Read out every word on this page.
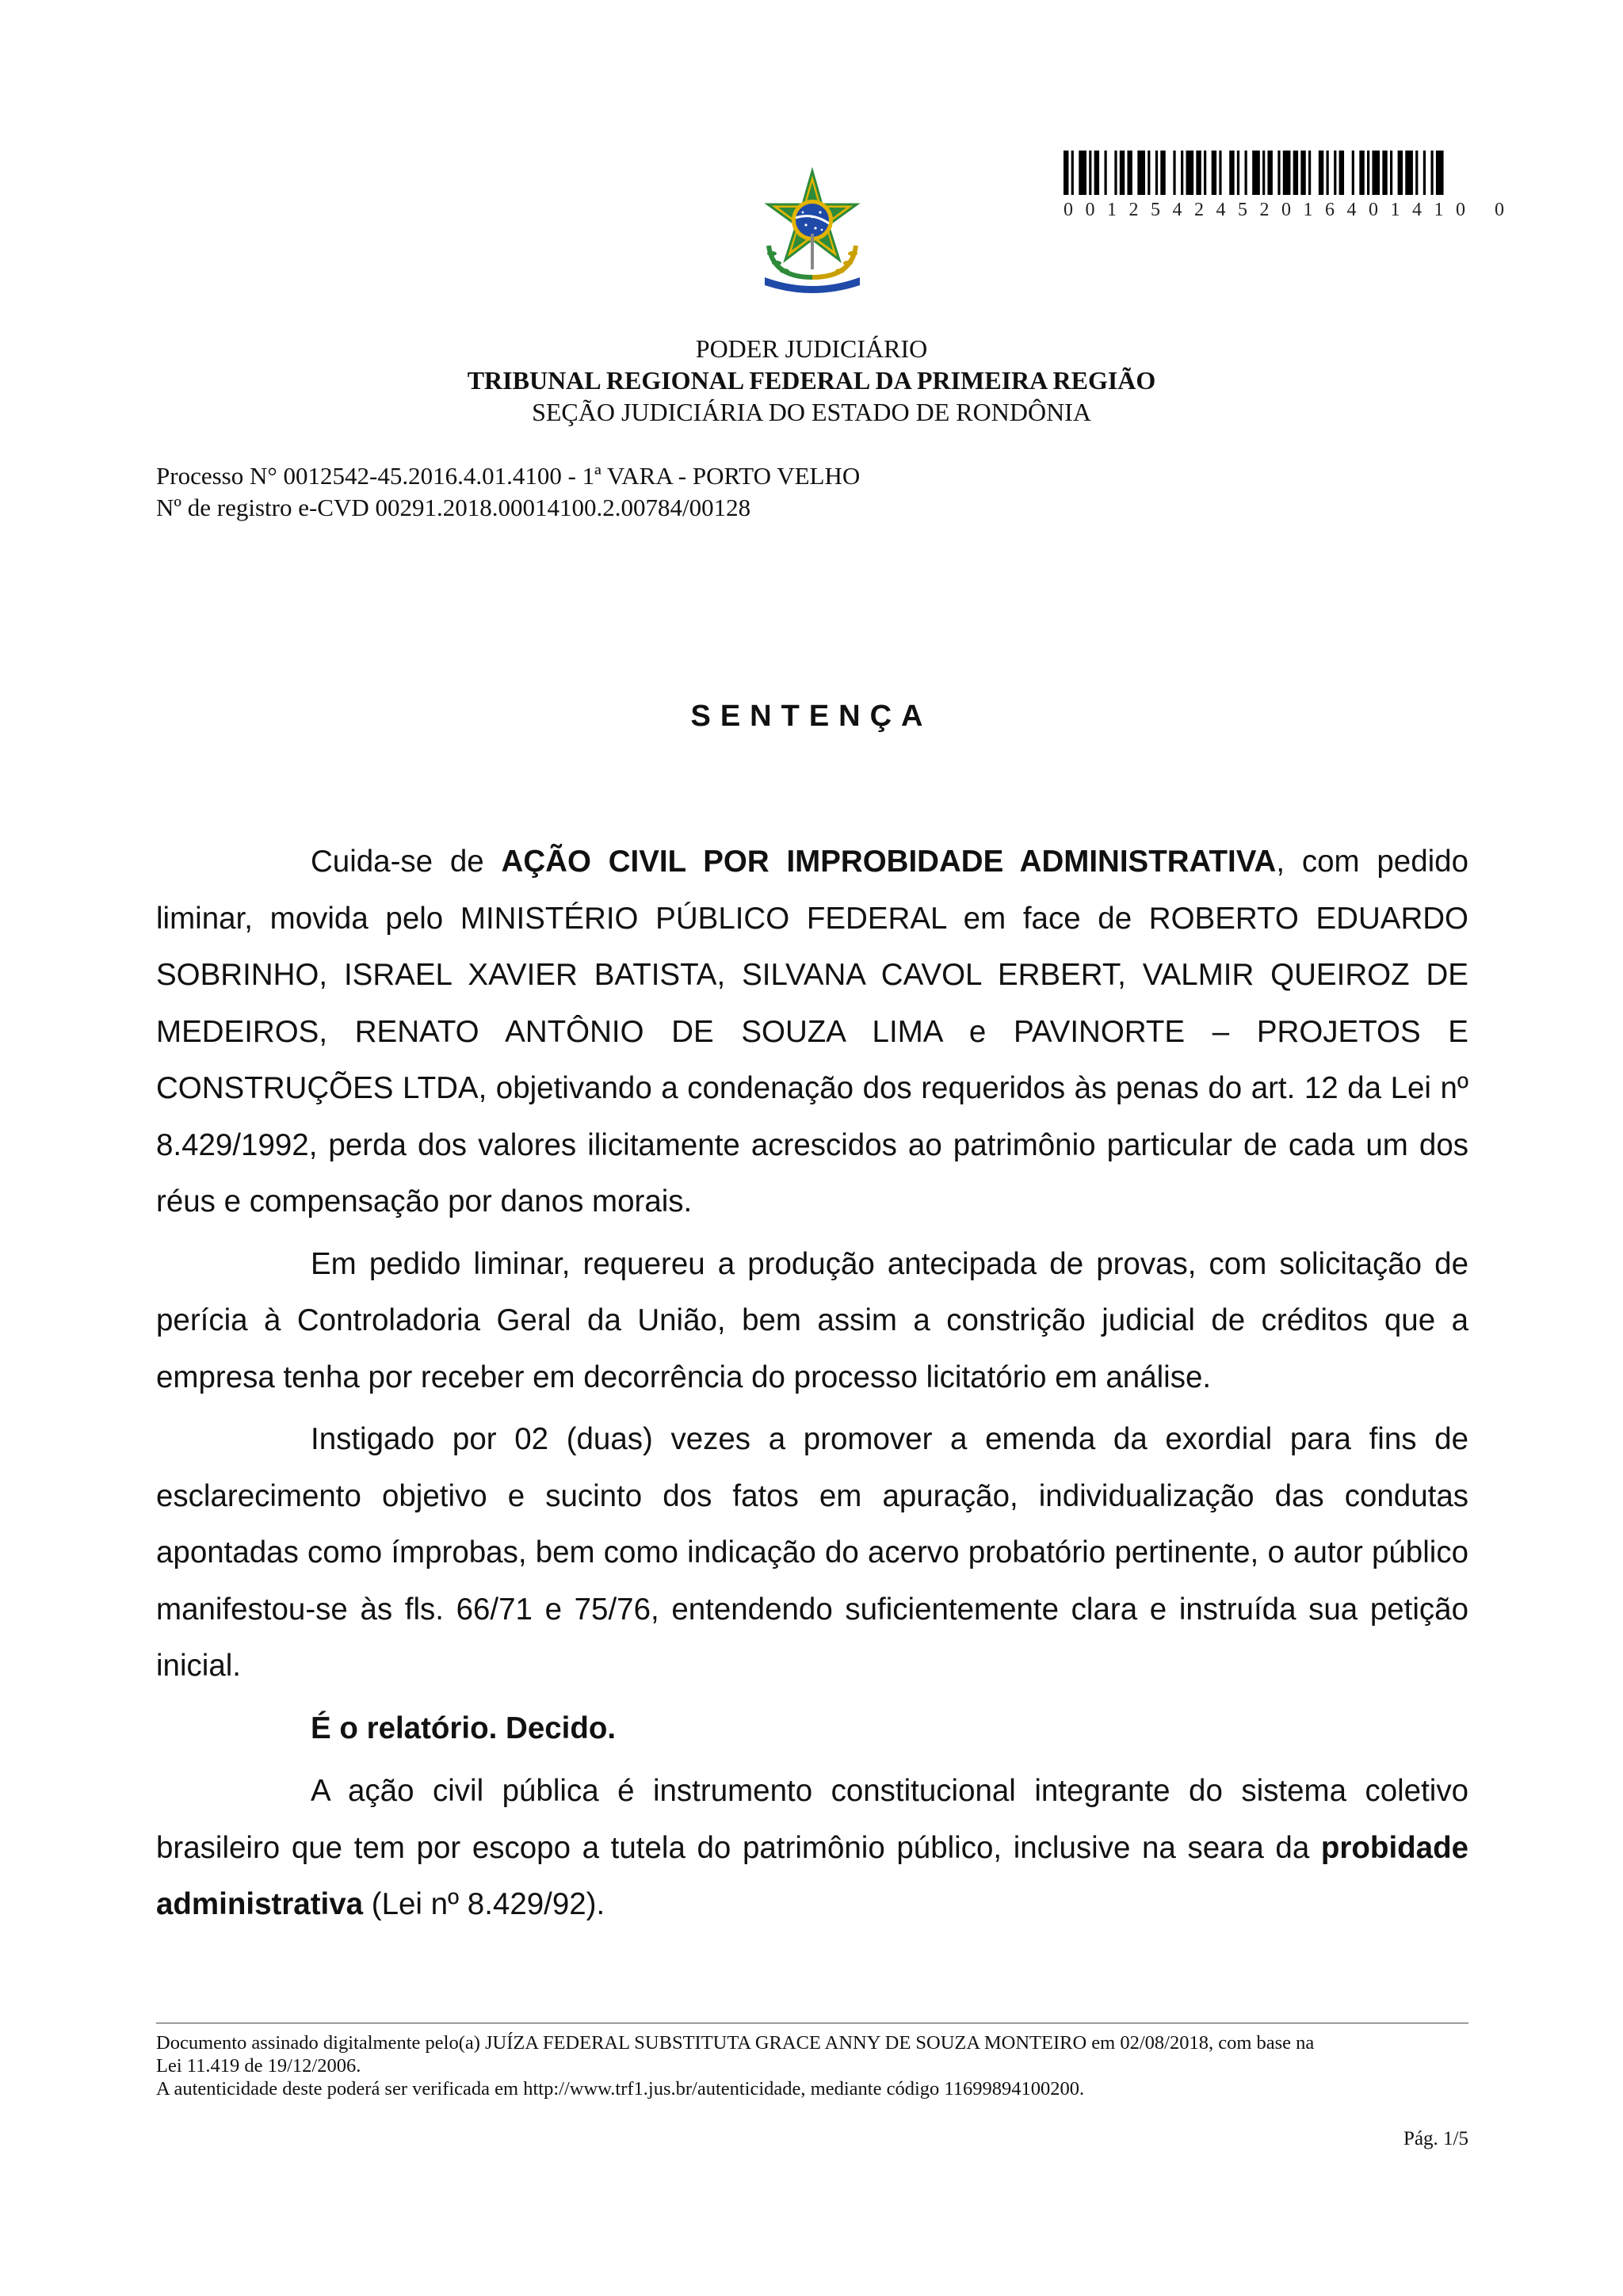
0012542452016401410 0
PODER JUDICIÁRIO
TRIBUNAL REGIONAL FEDERAL DA PRIMEIRA REGIÃO
SEÇÃO JUDICIÁRIA DO ESTADO DE RONDÔNIA
Processo N° 0012542-45.2016.4.01.4100 - 1ª VARA - PORTO VELHO
Nº de registro e-CVD 00291.2018.00014100.2.00784/00128
SENTENÇA

Cuida-se de AÇÃO CIVIL POR IMPROBIDADE ADMINISTRATIVA, com pedido liminar, movida pelo MINISTÉRIO PÚBLICO FEDERAL em face de ROBERTO EDUARDO SOBRINHO, ISRAEL XAVIER BATISTA, SILVANA CAVOL ERBERT, VALMIR QUEIROZ DE MEDEIROS, RENATO ANTÔNIO DE SOUZA LIMA e PAVINORTE – PROJETOS E CONSTRUÇÕES LTDA, objetivando a condenação dos requeridos às penas do art. 12 da Lei nº 8.429/1992, perda dos valores ilicitamente acrescidos ao patrimônio particular de cada um dos réus e compensação por danos morais.

Em pedido liminar, requereu a produção antecipada de provas, com solicitação de perícia à Controladoria Geral da União, bem assim a constrição judicial de créditos que a empresa tenha por receber em decorrência do processo licitatório em análise.

Instigado por 02 (duas) vezes a promover a emenda da exordial para fins de esclarecimento objetivo e sucinto dos fatos em apuração, individualização das condutas apontadas como ímprobas, bem como indicação do acervo probatório pertinente, o autor público manifestou-se às fls. 66/71 e 75/76, entendendo suficientemente clara e instruída sua petição inicial.

É o relatório. Decido.

A ação civil pública é instrumento constitucional integrante do sistema coletivo brasileiro que tem por escopo a tutela do patrimônio público, inclusive na seara da probidade administrativa (Lei nº 8.429/92).

Documento assinado digitalmente pelo(a) JUÍZA FEDERAL SUBSTITUTA GRACE ANNY DE SOUZA MONTEIRO em 02/08/2018, com base na
Lei 11.419 de 19/12/2006.
A autenticidade deste poderá ser verificada em http://www.trf1.jus.br/autenticidade, mediante código 11699894100200.
Pág. 1/5
